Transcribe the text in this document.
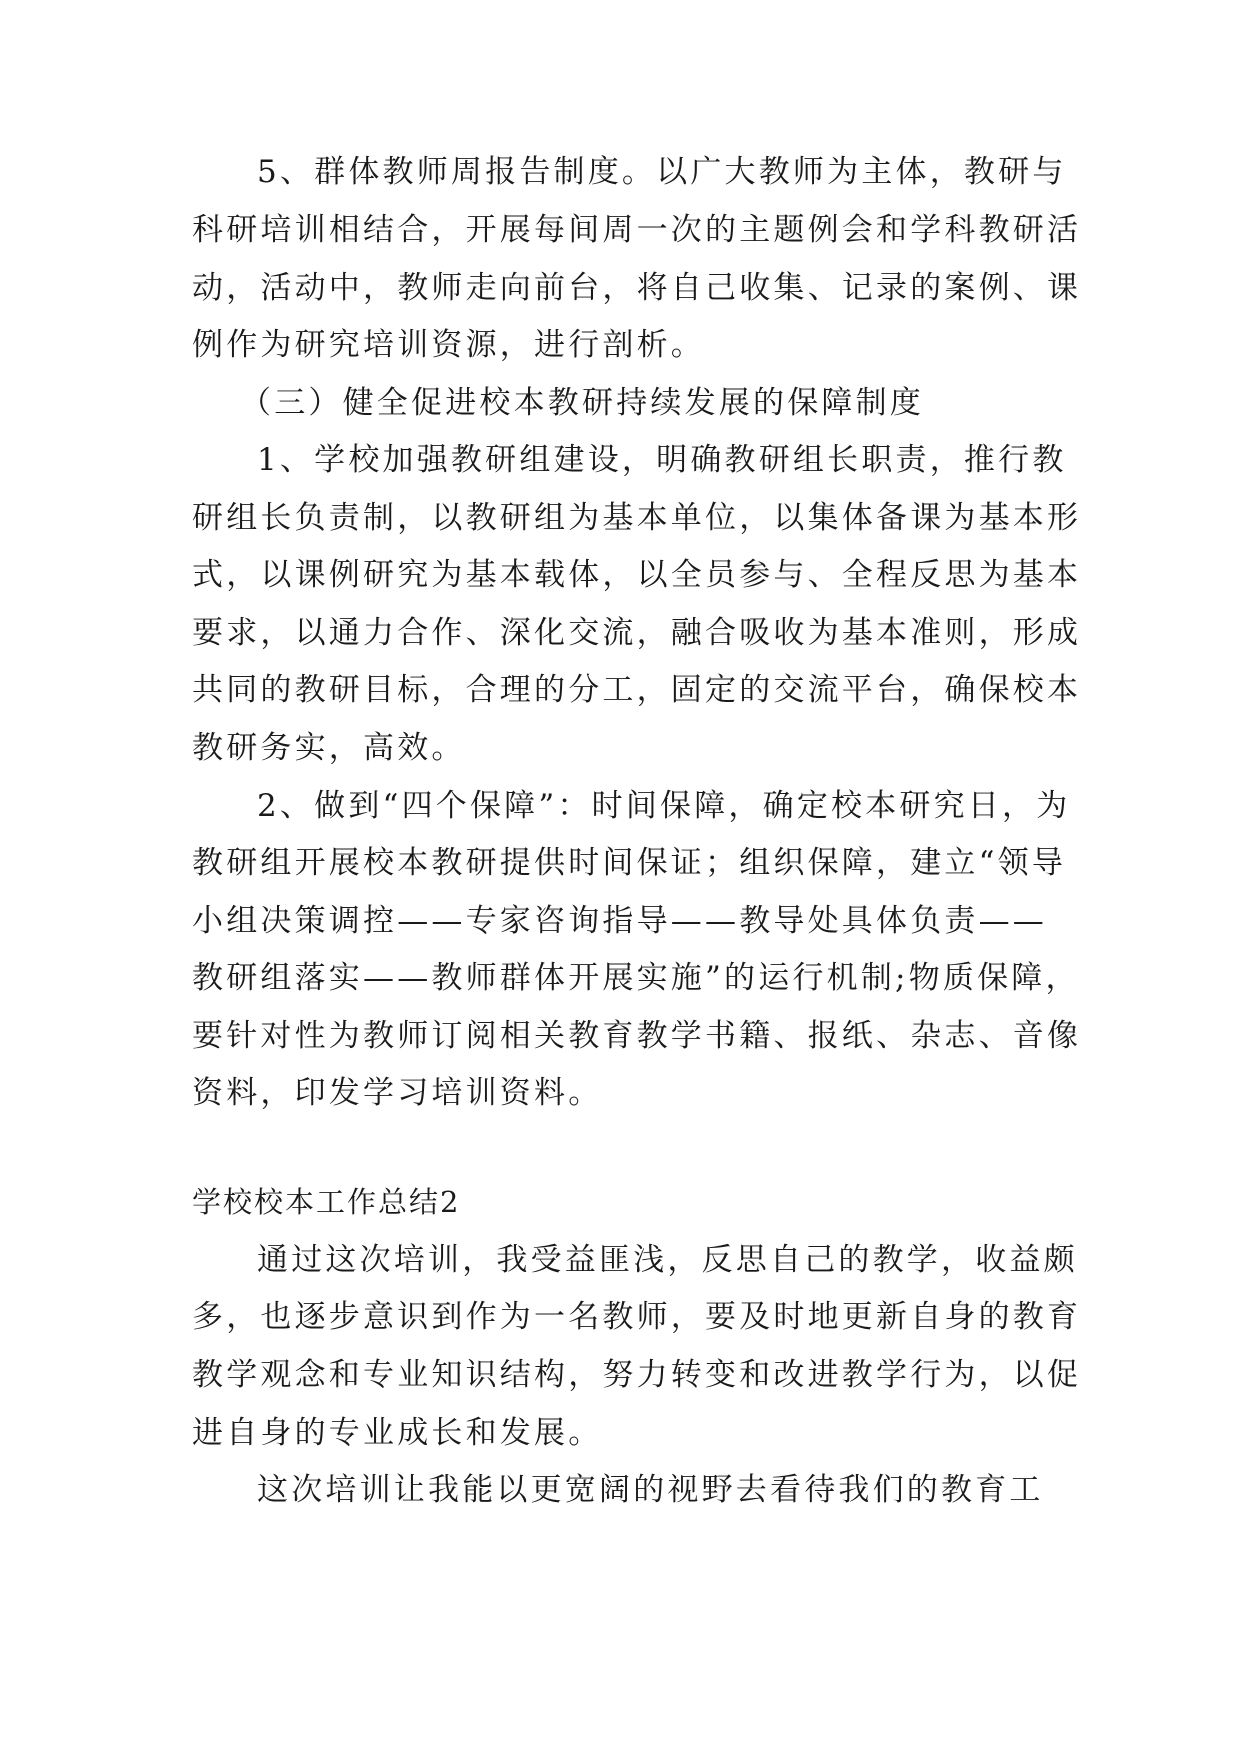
5、群体教师周报告制度。以广大教师为主体，教研与
科研培训相结合，开展每间周一次的主题例会和学科教研活
动，活动中，教师走向前台，将自己收集、记录的案例、课
例作为研究培训资源，进行剖析。
（三）健全促进校本教研持续发展的保障制度
1、学校加强教研组建设，明确教研组长职责，推行教
研组长负责制，以教研组为基本单位，以集体备课为基本形
式，以课例研究为基本载体，以全员参与、全程反思为基本
要求，以通力合作、深化交流，融合吸收为基本准则，形成
共同的教研目标，合理的分工，固定的交流平台，确保校本
教研务实，高效。
2、做到“四个保障”：时间保障，确定校本研究日，为
教研组开展校本教研提供时间保证；组织保障，建立“领导
小组决策调控——专家咨询指导——教导处具体负责——
教研组落实——教师群体开展实施”的运行机制;物质保障，
要针对性为教师订阅相关教育教学书籍、报纸、杂志、音像
资料，印发学习培训资料。
学校校本工作总结2
通过这次培训，我受益匪浅，反思自己的教学，收益颇
多，也逐步意识到作为一名教师，要及时地更新自身的教育
教学观念和专业知识结构，努力转变和改进教学行为，以促
进自身的专业成长和发展。
这次培训让我能以更宽阔的视野去看待我们的教育工
